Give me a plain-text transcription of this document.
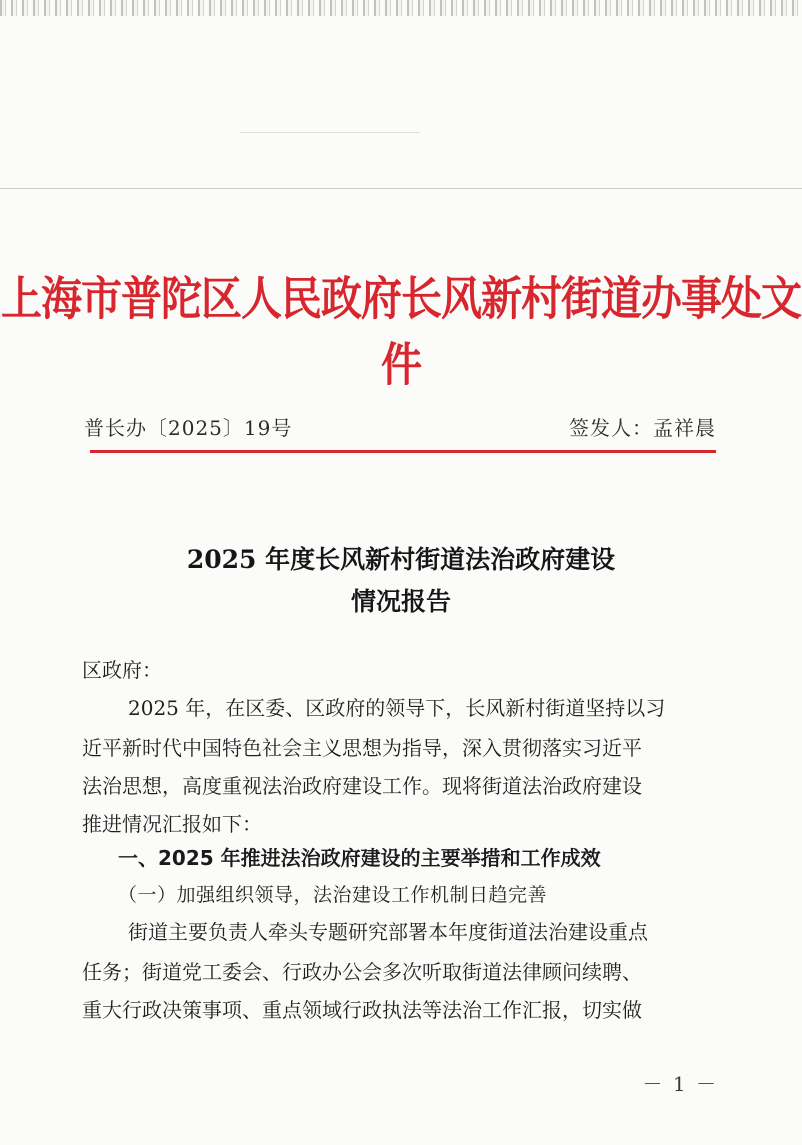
上海市普陀区人民政府长风新村街道办事处文件
普长办〔2025〕19号	签发人：孟祥晨
2025 年度长风新村街道法治政府建设
情况报告
区政府：
2025 年，在区委、区政府的领导下，长风新村街道坚持以习
近平新时代中国特色社会主义思想为指导，深入贯彻落实习近平
法治思想，高度重视法治政府建设工作。现将街道法治政府建设
推进情况汇报如下：
一、2025 年推进法治政府建设的主要举措和工作成效
（一）加强组织领导，法治建设工作机制日趋完善
街道主要负责人牵头专题研究部署本年度街道法治建设重点
任务；街道党工委会、行政办公会多次听取街道法律顾问续聘、
重大行政决策事项、重点领域行政执法等法治工作汇报，切实做
－ 1 －
